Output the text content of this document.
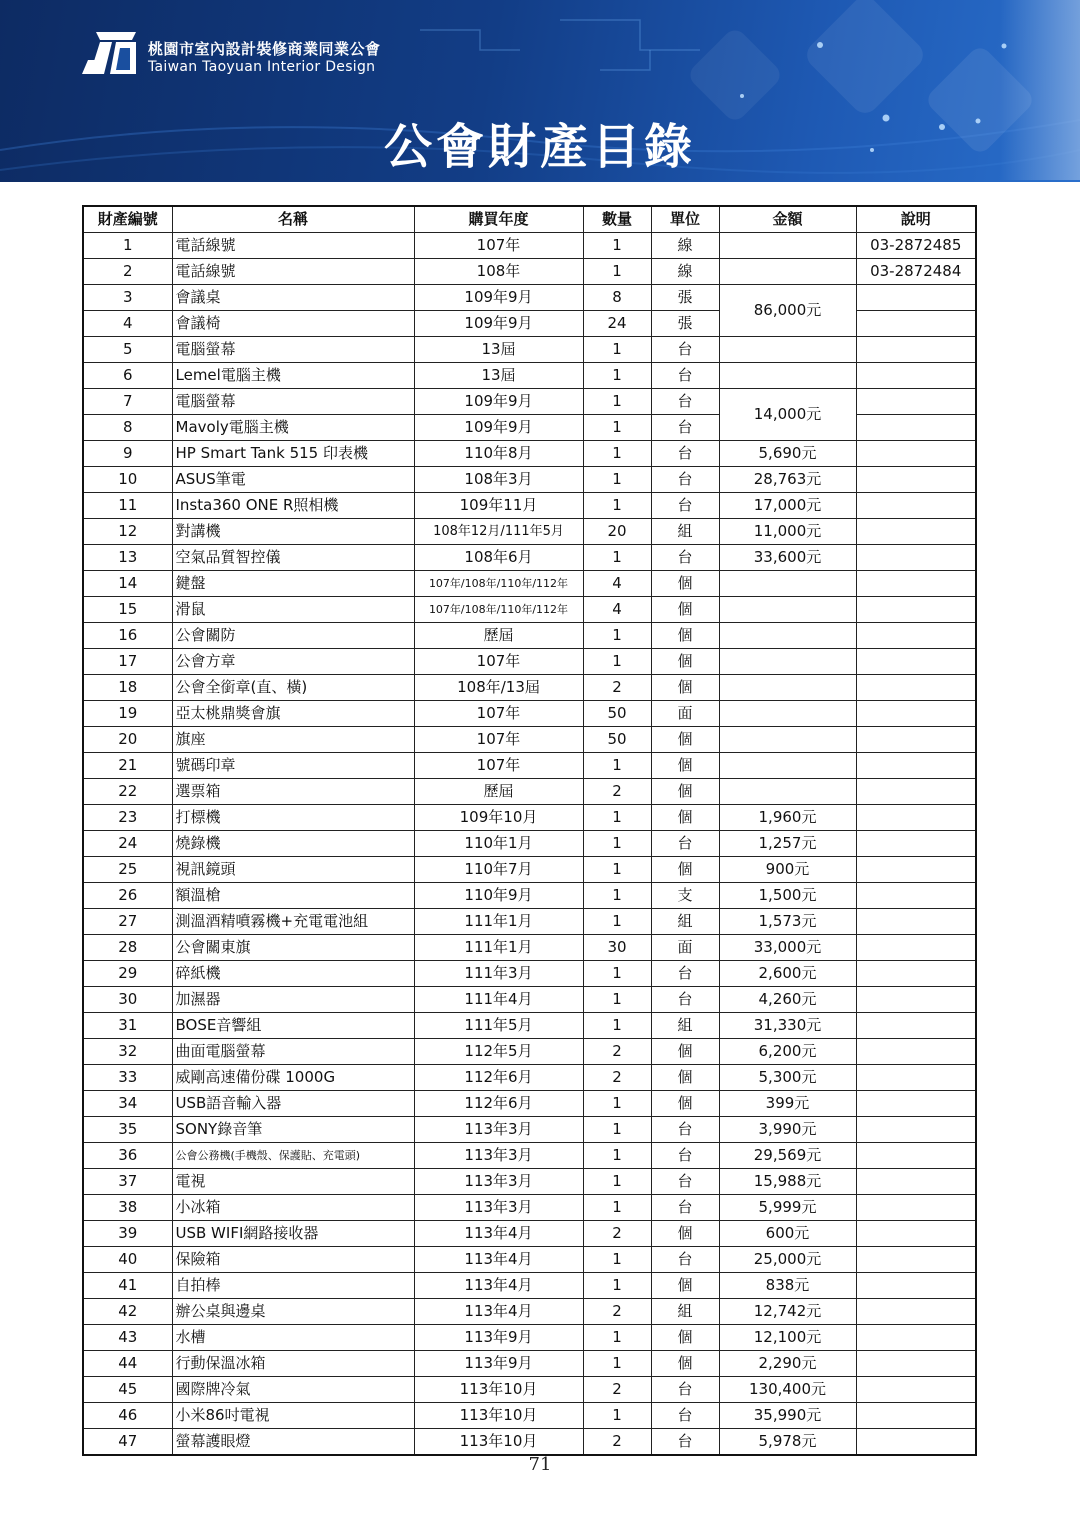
桃園市室內設計裝修商業同業公會
Taiwan Taoyuan Interior Design
公會財產目錄
財產編號	名稱	購買年度	數量	單位	金額	說明
1	電話線號	107年	1	線		03-2872485
2	電話線號	108年	1	線		03-2872484
3	會議桌	109年9月	8	張	86,000元	
4	會議椅	109年9月	24	張		
5	電腦螢幕	13屆	1	台		
6	Lemel電腦主機	13屆	1	台		
7	電腦螢幕	109年9月	1	台	14,000元	
8	Mavoly電腦主機	109年9月	1	台		
9	HP Smart Tank 515 印表機	110年8月	1	台	5,690元	
10	ASUS筆電	108年3月	1	台	28,763元	
11	Insta360 ONE R照相機	109年11月	1	台	17,000元	
12	對講機	108年12月/111年5月	20	組	11,000元	
13	空氣品質智控儀	108年6月	1	台	33,600元	
14	鍵盤	107年/108年/110年/112年	4	個		
15	滑鼠	107年/108年/110年/112年	4	個		
16	公會關防	歷屆	1	個		
17	公會方章	107年	1	個		
18	公會全銜章(直、橫)	108年/13屆	2	個		
19	亞太桃鼎獎會旗	107年	50	面		
20	旗座	107年	50	個		
21	號碼印章	107年	1	個		
22	選票箱	歷屆	2	個		
23	打標機	109年10月	1	個	1,960元	
24	燒錄機	110年1月	1	台	1,257元	
25	視訊鏡頭	110年7月	1	個	900元	
26	額溫槍	110年9月	1	支	1,500元	
27	測溫酒精噴霧機+充電電池組	111年1月	1	組	1,573元	
28	公會關東旗	111年1月	30	面	33,000元	
29	碎紙機	111年3月	1	台	2,600元	
30	加濕器	111年4月	1	台	4,260元	
31	BOSE音響組	111年5月	1	組	31,330元	
32	曲面電腦螢幕	112年5月	2	個	6,200元	
33	威剛高速備份碟 1000G	112年6月	2	個	5,300元	
34	USB語音輸入器	112年6月	1	個	399元	
35	SONY錄音筆	113年3月	1	台	3,990元	
36	公會公務機(手機殼、保護貼、充電頭)	113年3月	1	台	29,569元	
37	電視	113年3月	1	台	15,988元	
38	小冰箱	113年3月	1	台	5,999元	
39	USB WIFI網路接收器	113年4月	2	個	600元	
40	保險箱	113年4月	1	台	25,000元	
41	自拍棒	113年4月	1	個	838元	
42	辦公桌與邊桌	113年4月	2	組	12,742元	
43	水槽	113年9月	1	個	12,100元	
44	行動保溫冰箱	113年9月	1	個	2,290元	
45	國際牌冷氣	113年10月	2	台	130,400元	
46	小米86吋電視	113年10月	1	台	35,990元	
47	螢幕護眼燈	113年10月	2	台	5,978元	
71
